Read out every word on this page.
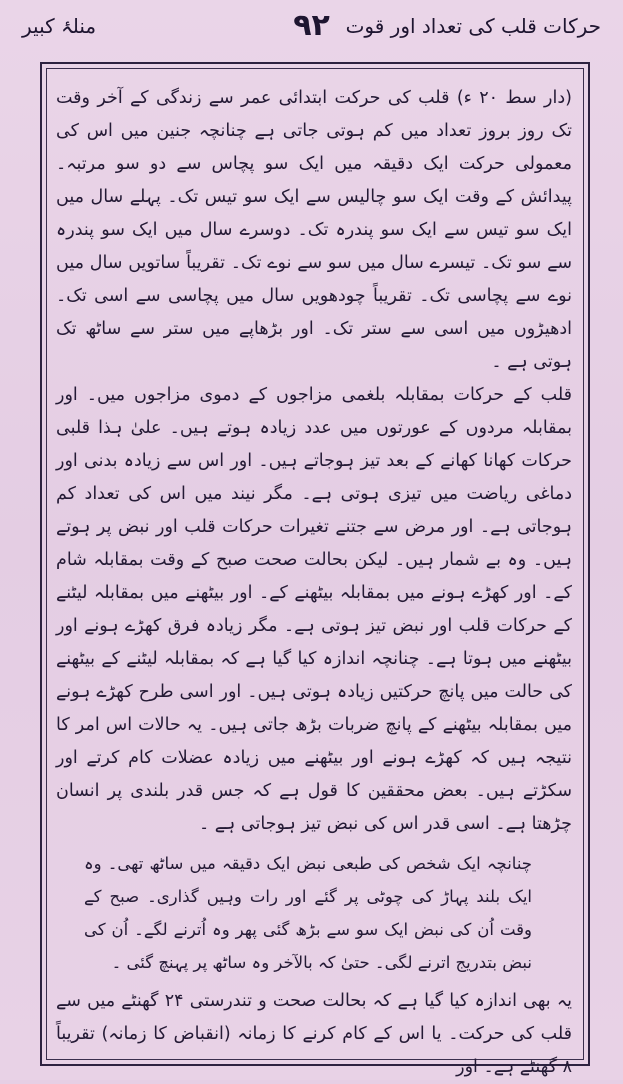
حرکات قلب کی تعداد اور قوت
۹۲
منلۂ کبیر

(دار سط ۲۰ ء) قلب کی حرکت ابتدائی عمر سے زندگی کے آخر وقت تک روز بروز تعداد میں کم ہوتی جاتی ہے چنانچہ جنین میں اس کی معمولی حرکت ایک دقیقہ میں ایک سو پچاس سے دو سو مرتبہ۔ پیدائش کے وقت ایک سو چالیس سے ایک سو تیس تک۔ پہلے سال میں ایک سو تیس سے ایک سو پندرہ تک۔ دوسرے سال میں ایک سو پندرہ سے سو تک۔ تیسرے سال میں سو سے نوے تک۔ تقریباً ساتویں سال میں نوے سے پچاسی تک۔ تقریباً چودھویں سال میں پچاسی سے اسی تک۔ ادھیڑوں میں اسی سے ستر تک۔ اور بڑھاپے میں ستر سے ساٹھ تک ہوتی ہے ۔

قلب کے حرکات بمقابلہ بلغمی مزاجوں کے دموی مزاجوں میں۔ اور بمقابلہ مردوں کے عورتوں میں عدد زیادہ ہوتے ہیں۔ علیٰ ہذا قلبی حرکات کھانا کھانے کے بعد تیز ہوجاتے ہیں۔ اور اس سے زیادہ بدنی اور دماغی ریاضت میں تیزی ہوتی ہے۔ مگر نیند میں اس کی تعداد کم ہوجاتی ہے۔ اور مرض سے جتنے تغیرات حرکات قلب اور نبض پر ہوتے ہیں۔ وہ بے شمار ہیں۔ لیکن بحالت صحت صبح کے وقت بمقابلہ شام کے۔ اور کھڑے ہونے میں بمقابلہ بیٹھنے کے۔ اور بیٹھنے میں بمقابلہ لیٹنے کے حرکات قلب اور نبض تیز ہوتی ہے۔ مگر زیادہ فرق کھڑے ہونے اور بیٹھنے میں ہوتا ہے۔ چنانچہ اندازہ کیا گیا ہے کہ بمقابلہ لیٹنے کے بیٹھنے کی حالت میں پانچ حرکتیں زیادہ ہوتی ہیں۔ اور اسی طرح کھڑے ہونے میں بمقابلہ بیٹھنے کے پانچ ضربات بڑھ جاتی ہیں۔ یہ حالات اس امر کا نتیجہ ہیں کہ کھڑے ہونے اور بیٹھنے میں زیادہ عضلات کام کرتے اور سکڑتے ہیں۔ بعض محققین کا قول ہے کہ جس قدر بلندی پر انسان چڑھتا ہے۔ اسی قدر اس کی نبض تیز ہوجاتی ہے ۔

چنانچہ ایک شخص کی طبعی نبض ایک دقیقہ میں ساٹھ تھی۔ وہ ایک بلند پہاڑ کی چوٹی پر گئے اور رات وہیں گذاری۔ صبح کے وقت اُن کی نبض ایک سو سے بڑھ گئی پھر وہ اُترنے لگے۔ اُن کی نبض بتدریج اترنے لگی۔ حتیٰ کہ بالآخر وہ ساٹھ پر پہنچ گئی ۔

یہ بھی اندازہ کیا گیا ہے کہ بحالت صحت و تندرستی ۲۴ گھنٹے میں سے قلب کی حرکت۔ یا اس کے کام کرنے کا زمانہ (انقباض کا زمانہ) تقریباً ۸ گھنٹے ہے۔ اور
